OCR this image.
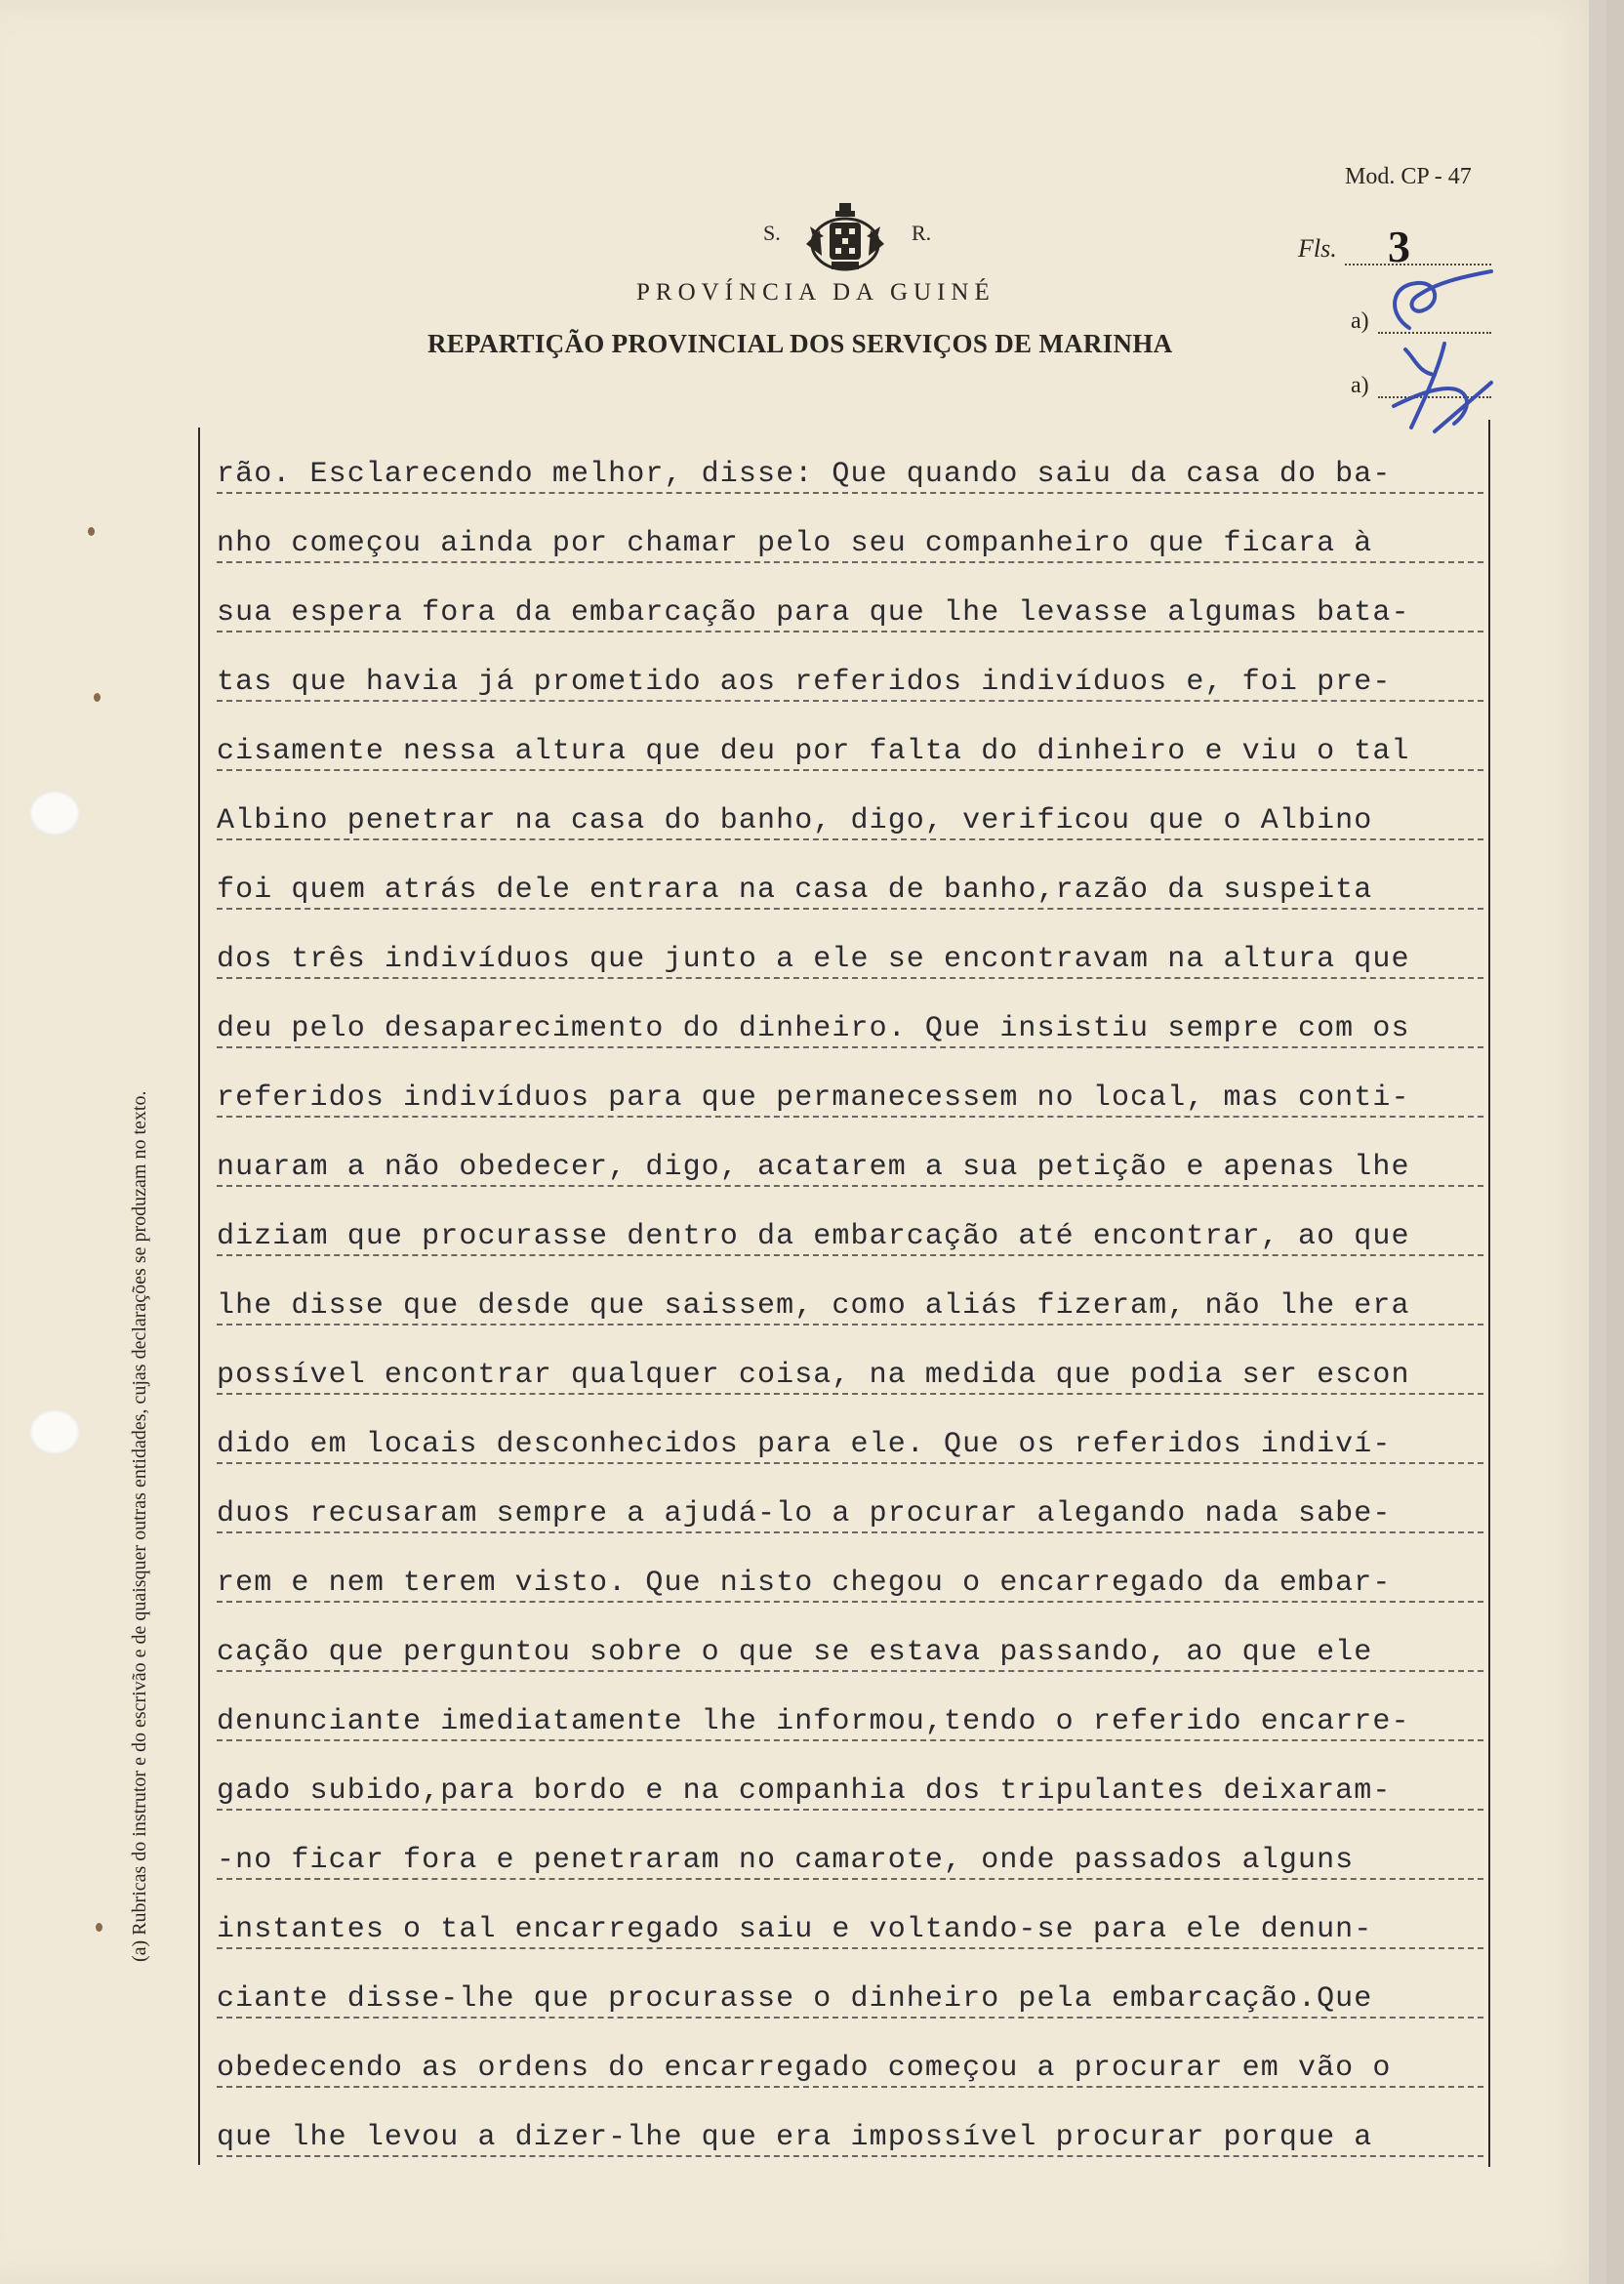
Mod. CP - 47
S.	R.
PROVÍNCIA DA GUINÉ
REPARTIÇÃO PROVINCIAL DOS SERVIÇOS DE MARINHA
Fls. 3
a)
a)
(a) Rubricas do instrutor e do escrivão e de quaisquer outras entidades, cujas declarações se produzam no texto.
rão. Esclarecendo melhor, disse: Que quando saiu da casa do ba-
nho começou ainda por chamar pelo seu companheiro que ficara à
sua espera fora da embarcação para que lhe levasse algumas bata-
tas que havia já prometido aos referidos indivíduos e, foi pre-
cisamente nessa altura que deu por falta do dinheiro e viu o tal
Albino penetrar na casa do banho, digo, verificou que o Albino
foi quem atrás dele entrara na casa de banho,razão da suspeita
dos três indivíduos que junto a ele se encontravam na altura que
deu pelo desaparecimento do dinheiro. Que insistiu sempre com os
referidos indivíduos para que permanecessem no local, mas conti-
nuaram a não obedecer, digo, acatarem a sua petição e apenas lhe
diziam que procurasse dentro da embarcação até encontrar, ao que
lhe disse que desde que saissem, como aliás fizeram, não lhe era
possível encontrar qualquer coisa, na medida que podia ser escon
dido em locais desconhecidos para ele. Que os referidos indiví-
duos recusaram sempre a ajudá-lo a procurar alegando nada sabe-
rem e nem terem visto. Que nisto chegou o encarregado da embar-
cação que perguntou sobre o que se estava passando, ao que ele
denunciante imediatamente lhe informou,tendo o referido encarre-
gado subido,para bordo e na companhia dos tripulantes deixaram-
-no ficar fora e penetraram no camarote, onde passados alguns
instantes o tal encarregado saiu e voltando-se para ele denun-
ciante disse-lhe que procurasse o dinheiro pela embarcação.Que
obedecendo as ordens do encarregado começou a procurar em vão o
que lhe levou a dizer-lhe que era impossível procurar porque a
